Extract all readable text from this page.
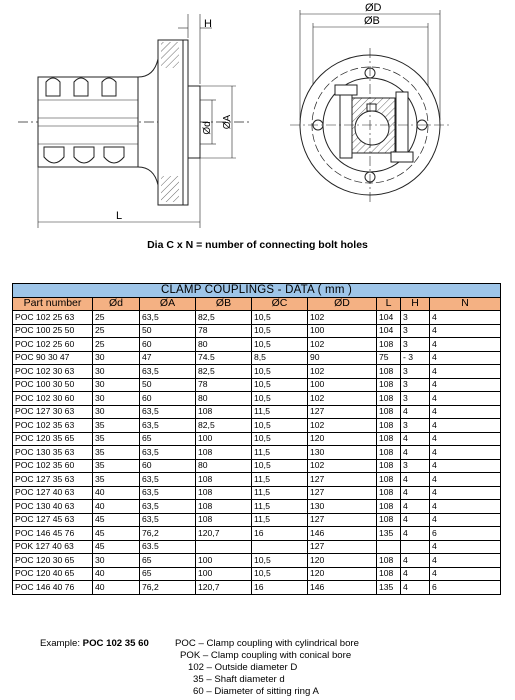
H
Ød ØA
L
ØD
ØB
Dia C x N = number of connecting bolt holes
CLAMP COUPLINGS - DATA ( mm )								
Part number	Ød	ØA	ØB	ØC	ØD	L	H	N
POC 102 25 63	25	63,5	82,5	10,5	102	104	3	4
POC 100 25 50	25	50	78	10,5	100	104	3	4
POC 102 25 60	25	60	80	10,5	102	108	3	4
POC 90 30 47	30	47	74.5	8,5	90	75	- 3	4
POC 102 30 63	30	63,5	82,5	10,5	102	108	3	4
POC 100 30 50	30	50	78	10,5	100	108	3	4
POC 102 30 60	30	60	80	10,5	102	108	3	4
POC 127 30 63	30	63,5	108	11,5	127	108	4	4
POC 102 35 63	35	63,5	82,5	10,5	102	108	3	4
POC 120 35 65	35	65	100	10,5	120	108	4	4
POC 130 35 63	35	63,5	108	11,5	130	108	4	4
POC 102 35 60	35	60	80	10,5	102	108	3	4
POC 127 35 63	35	63,5	108	11,5	127	108	4	4
POC 127 40 63	40	63,5	108	11,5	127	108	4	4
POC 130 40 63	40	63,5	108	11,5	130	108	4	4
POC 127 45 63	45	63,5	108	11,5	127	108	4	4
POC 146 45 76	45	76,2	120,7	16	146	135	4	6
POK 127 40 63	45	63.5			127			4
POC 120 30 65	30	65	100	10,5	120	108	4	4
POC 120 40 65	40	65	100	10,5	120	108	4	4
POC 146 40 76	40	76,2	120,7	16	146	135	4	6
Example: POC 102 35 60	POC – Clamp coupling with cylindrical bore
POK – Clamp coupling with conical bore
102 – Outside diameter D
35 – Shaft diameter d
60 – Diameter of sitting ring A
